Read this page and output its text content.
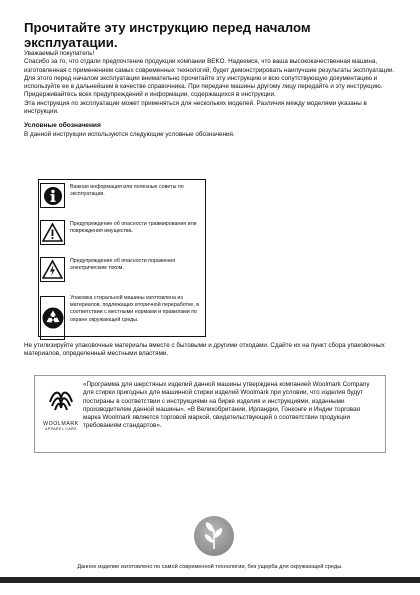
Прочитайте эту инструкцию перед началом эксплуатации.

Уважаемый покупатель!

Спасибо за то, что отдали предпочтение продукции компании BEKO. Надеемся, что ваша высококачественная машина, изготовленная с применением самых современных технологий, будет демонстрировать наилучшие результаты эксплуатации. Для этого перед началом эксплуатации внимательно прочитайте эту инструкцию и всю сопутствующую документацию и используйте ее в дальнейшем в качестве справочника. При передаче машины другому лицу передайте и эту инструкцию. Придерживайтесь всех предупреждений и информации, содержащихся в инструкции.

Эта инструкция по эксплуатации может применяться для нескольких моделей. Различия между моделями указаны в инструкции.

Условные обозначения

В данной инструкции используются следующие условные обозначения.

Важная информация или полезные советы по эксплуатации.
Предупреждение об опасности травмирования или повреждения имущества.
Предупреждение об опасности поражения электрическим током.
Упаковка стиральной машины изготовлена из материалов, подлежащих вторичной переработке, в соответствии с местными нормами и правилами по охране окружающей среды.
Не утилизируйте упаковочные материалы вместе с бытовыми и другими отходами. Сдайте их на пункт сбора упаковочных материалов, определенный местными властями.
WOOLMARK
APPAREL CARE
«Программа для шерстяных изделий данной машины утверждена компанией Woolmark Company для стирки пригодных для машинной стирки изделий Woolmark при условии, что изделия будут постираны в соответствии с инструкциями на бирке изделия и инструкциями, изданными производителем данной машины». «В Великобритании, Ирландии, Гонконге и Индии торговая марка Woolmark является торговой маркой, свидетельствующей о соответствии продукции требованиям стандартов».
Данное изделие изготовлено по самой современной технологии, без ущерба для окружающей среды.
